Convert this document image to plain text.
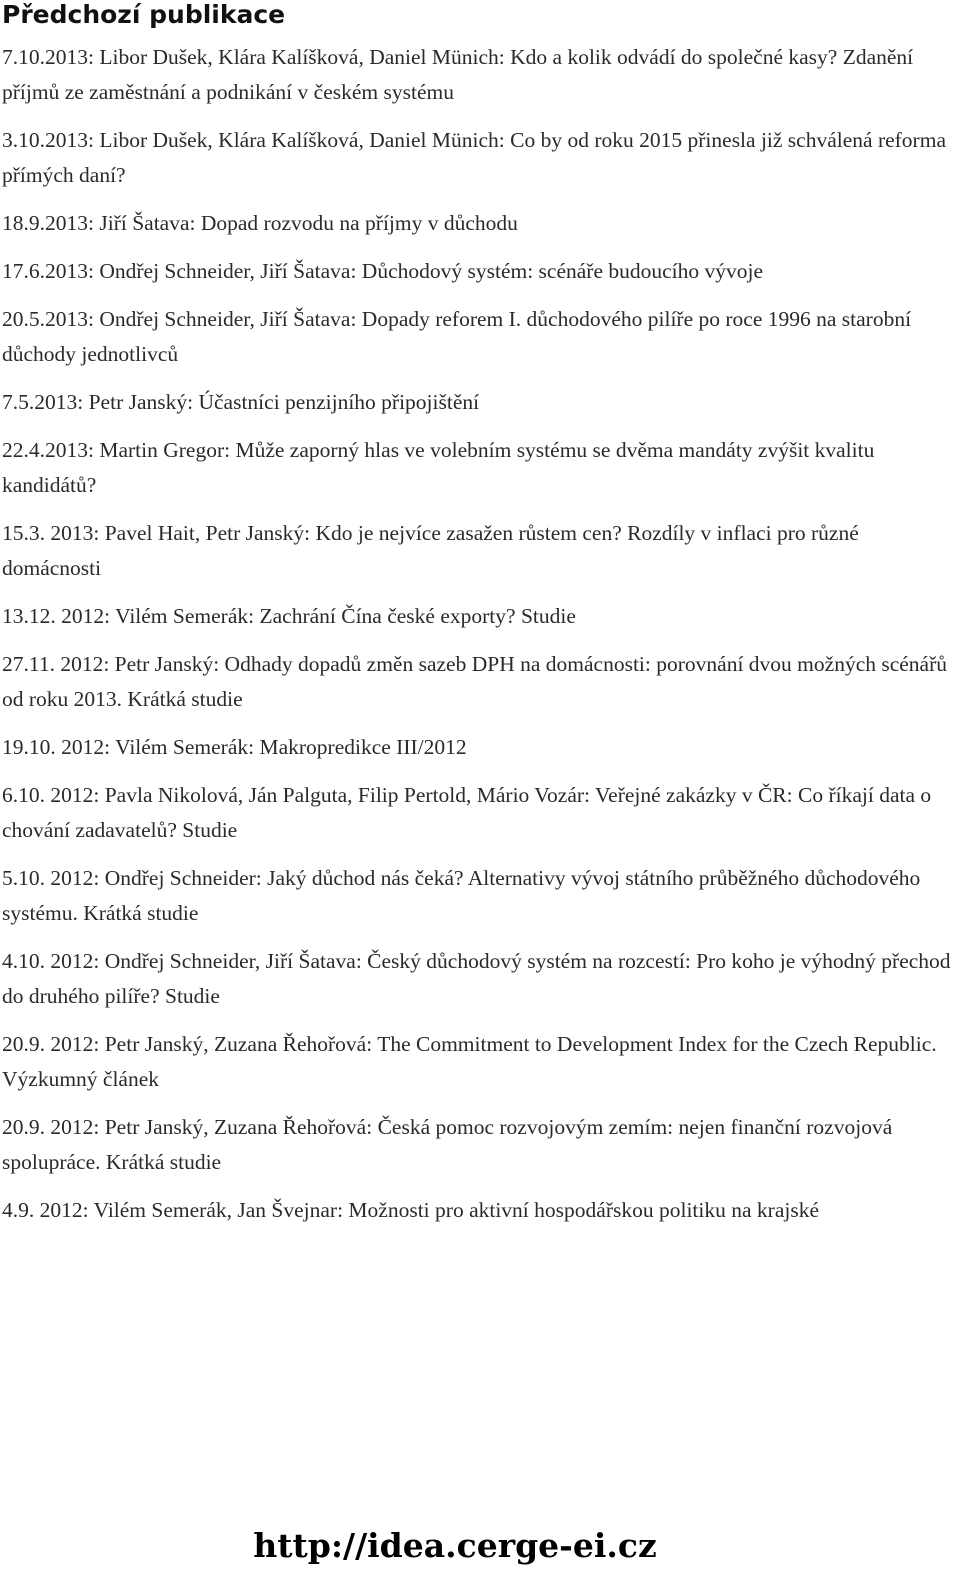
Předchozí publikace
7.10.2013: Libor Dušek, Klára Kalíšková, Daniel Münich: Kdo a kolik odvádí do společné kasy? Zdanění příjmů ze zaměstnání a podnikání v českém systému
3.10.2013: Libor Dušek, Klára Kalíšková, Daniel Münich: Co by od roku 2015 přinesla již schválená reforma přímých daní?
18.9.2013: Jiří Šatava: Dopad rozvodu na příjmy v důchodu
17.6.2013: Ondřej Schneider, Jiří Šatava: Důchodový systém: scénáře budoucího vývoje
20.5.2013: Ondřej Schneider, Jiří Šatava: Dopady reforem I. důchodového pilíře po roce 1996 na starobní důchody jednotlivců
7.5.2013: Petr Janský: Účastníci penzijního připojištění
22.4.2013: Martin Gregor: Může zaporný hlas ve volebním systému se dvěma mandáty zvýšit kvalitu kandidátů?
15.3. 2013: Pavel Hait, Petr Janský: Kdo je nejvíce zasažen růstem cen? Rozdíly v inflaci pro různé domácnosti
13.12. 2012: Vilém Semerák: Zachrání Čína české exporty? Studie
27.11. 2012: Petr Janský: Odhady dopadů změn sazeb DPH na domácnosti: porovnání dvou možných scénářů od roku 2013. Krátká studie
19.10. 2012: Vilém Semerák: Makropredikce III/2012
6.10. 2012: Pavla Nikolová, Ján Palguta, Filip Pertold, Mário Vozár: Veřejné zakázky v ČR: Co říkají data o chování zadavatelů? Studie
5.10. 2012: Ondřej Schneider: Jaký důchod nás čeká? Alternativy vývoj státního průběžného důchodového systému. Krátká studie
4.10. 2012: Ondřej Schneider, Jiří Šatava: Český důchodový systém na rozcestí: Pro koho je výhodný přechod do druhého pilíře? Studie
20.9. 2012: Petr Janský, Zuzana Řehořová: The Commitment to Development Index for the Czech Republic. Výzkumný článek
20.9. 2012: Petr Janský, Zuzana Řehořová: Česká pomoc rozvojovým zemím: nejen finanční rozvojová spolupráce. Krátká studie
4.9. 2012: Vilém Semerák, Jan Švejnar: Možnosti pro aktivní hospodářskou politiku na krajské
http://idea.cerge-ei.cz
